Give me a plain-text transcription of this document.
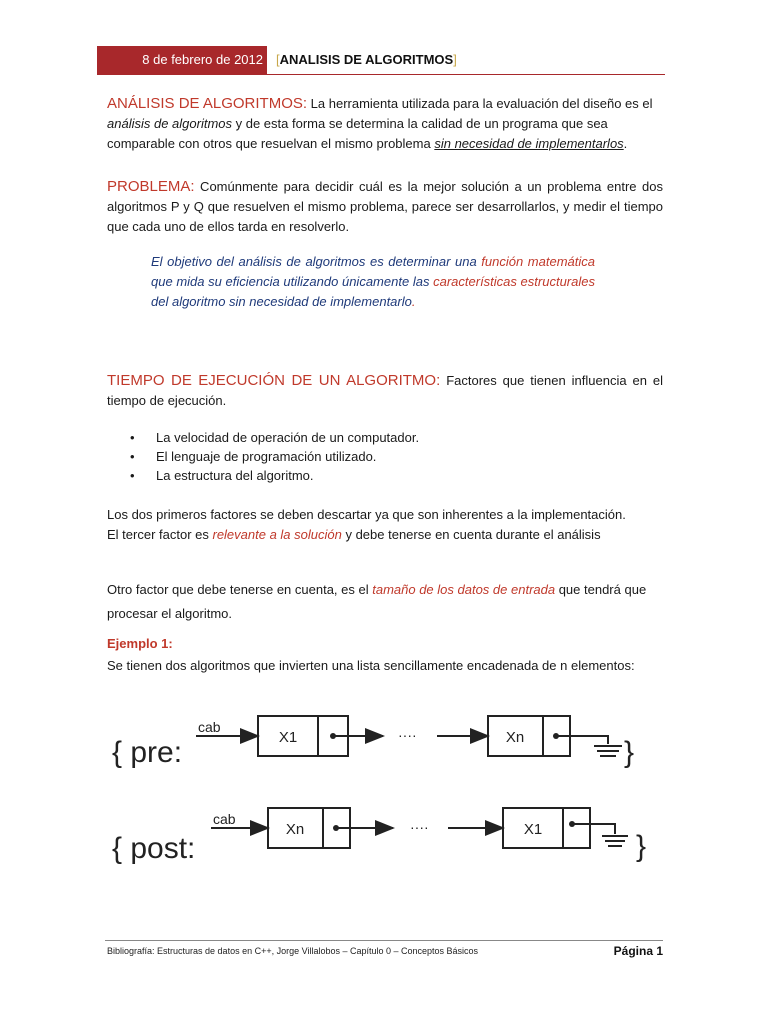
8 de febrero de 2012	[ANALISIS DE ALGORITMOS]
ANÁLISIS DE ALGORITMOS: La herramienta utilizada para la evaluación del diseño es el análisis de algoritmos y de esta forma se determina la calidad de un programa que sea comparable con otros que resuelvan el mismo problema sin necesidad de implementarlos.
PROBLEMA: Comúnmente para decidir cuál es la mejor solución a un problema entre dos algoritmos P y Q que resuelven el mismo problema, parece ser desarrollarlos, y medir el tiempo que cada uno de ellos tarda en resolverlo.
El objetivo del análisis de algoritmos es determinar una función matemática que mida su eficiencia utilizando únicamente las características estructurales del algoritmo sin necesidad de implementarlo.
TIEMPO DE EJECUCIÓN DE UN ALGORITMO: Factores que tienen influencia en el tiempo de ejecución.
• La velocidad de operación de un computador.
• El lenguaje de programación utilizado.
• La estructura del algoritmo.
Los dos primeros factores se deben descartar ya que son inherentes a la implementación.
El tercer factor es relevante a la solución y debe tenerse en cuenta durante el análisis
Otro factor que debe tenerse en cuenta, es el tamaño de los datos de entrada que tendrá que procesar el algoritmo.
Ejemplo 1:
Se tienen dos algoritmos que invierten una lista sencillamente encadenada de n elementos:
{ pre:
cab
X1	····	Xn	}
{ post:
cab
Xn	····	X1
}
Bibliografía: Estructuras de datos en C++, Jorge Villalobos – Capítulo 0 – Conceptos Básicos	Página 1
